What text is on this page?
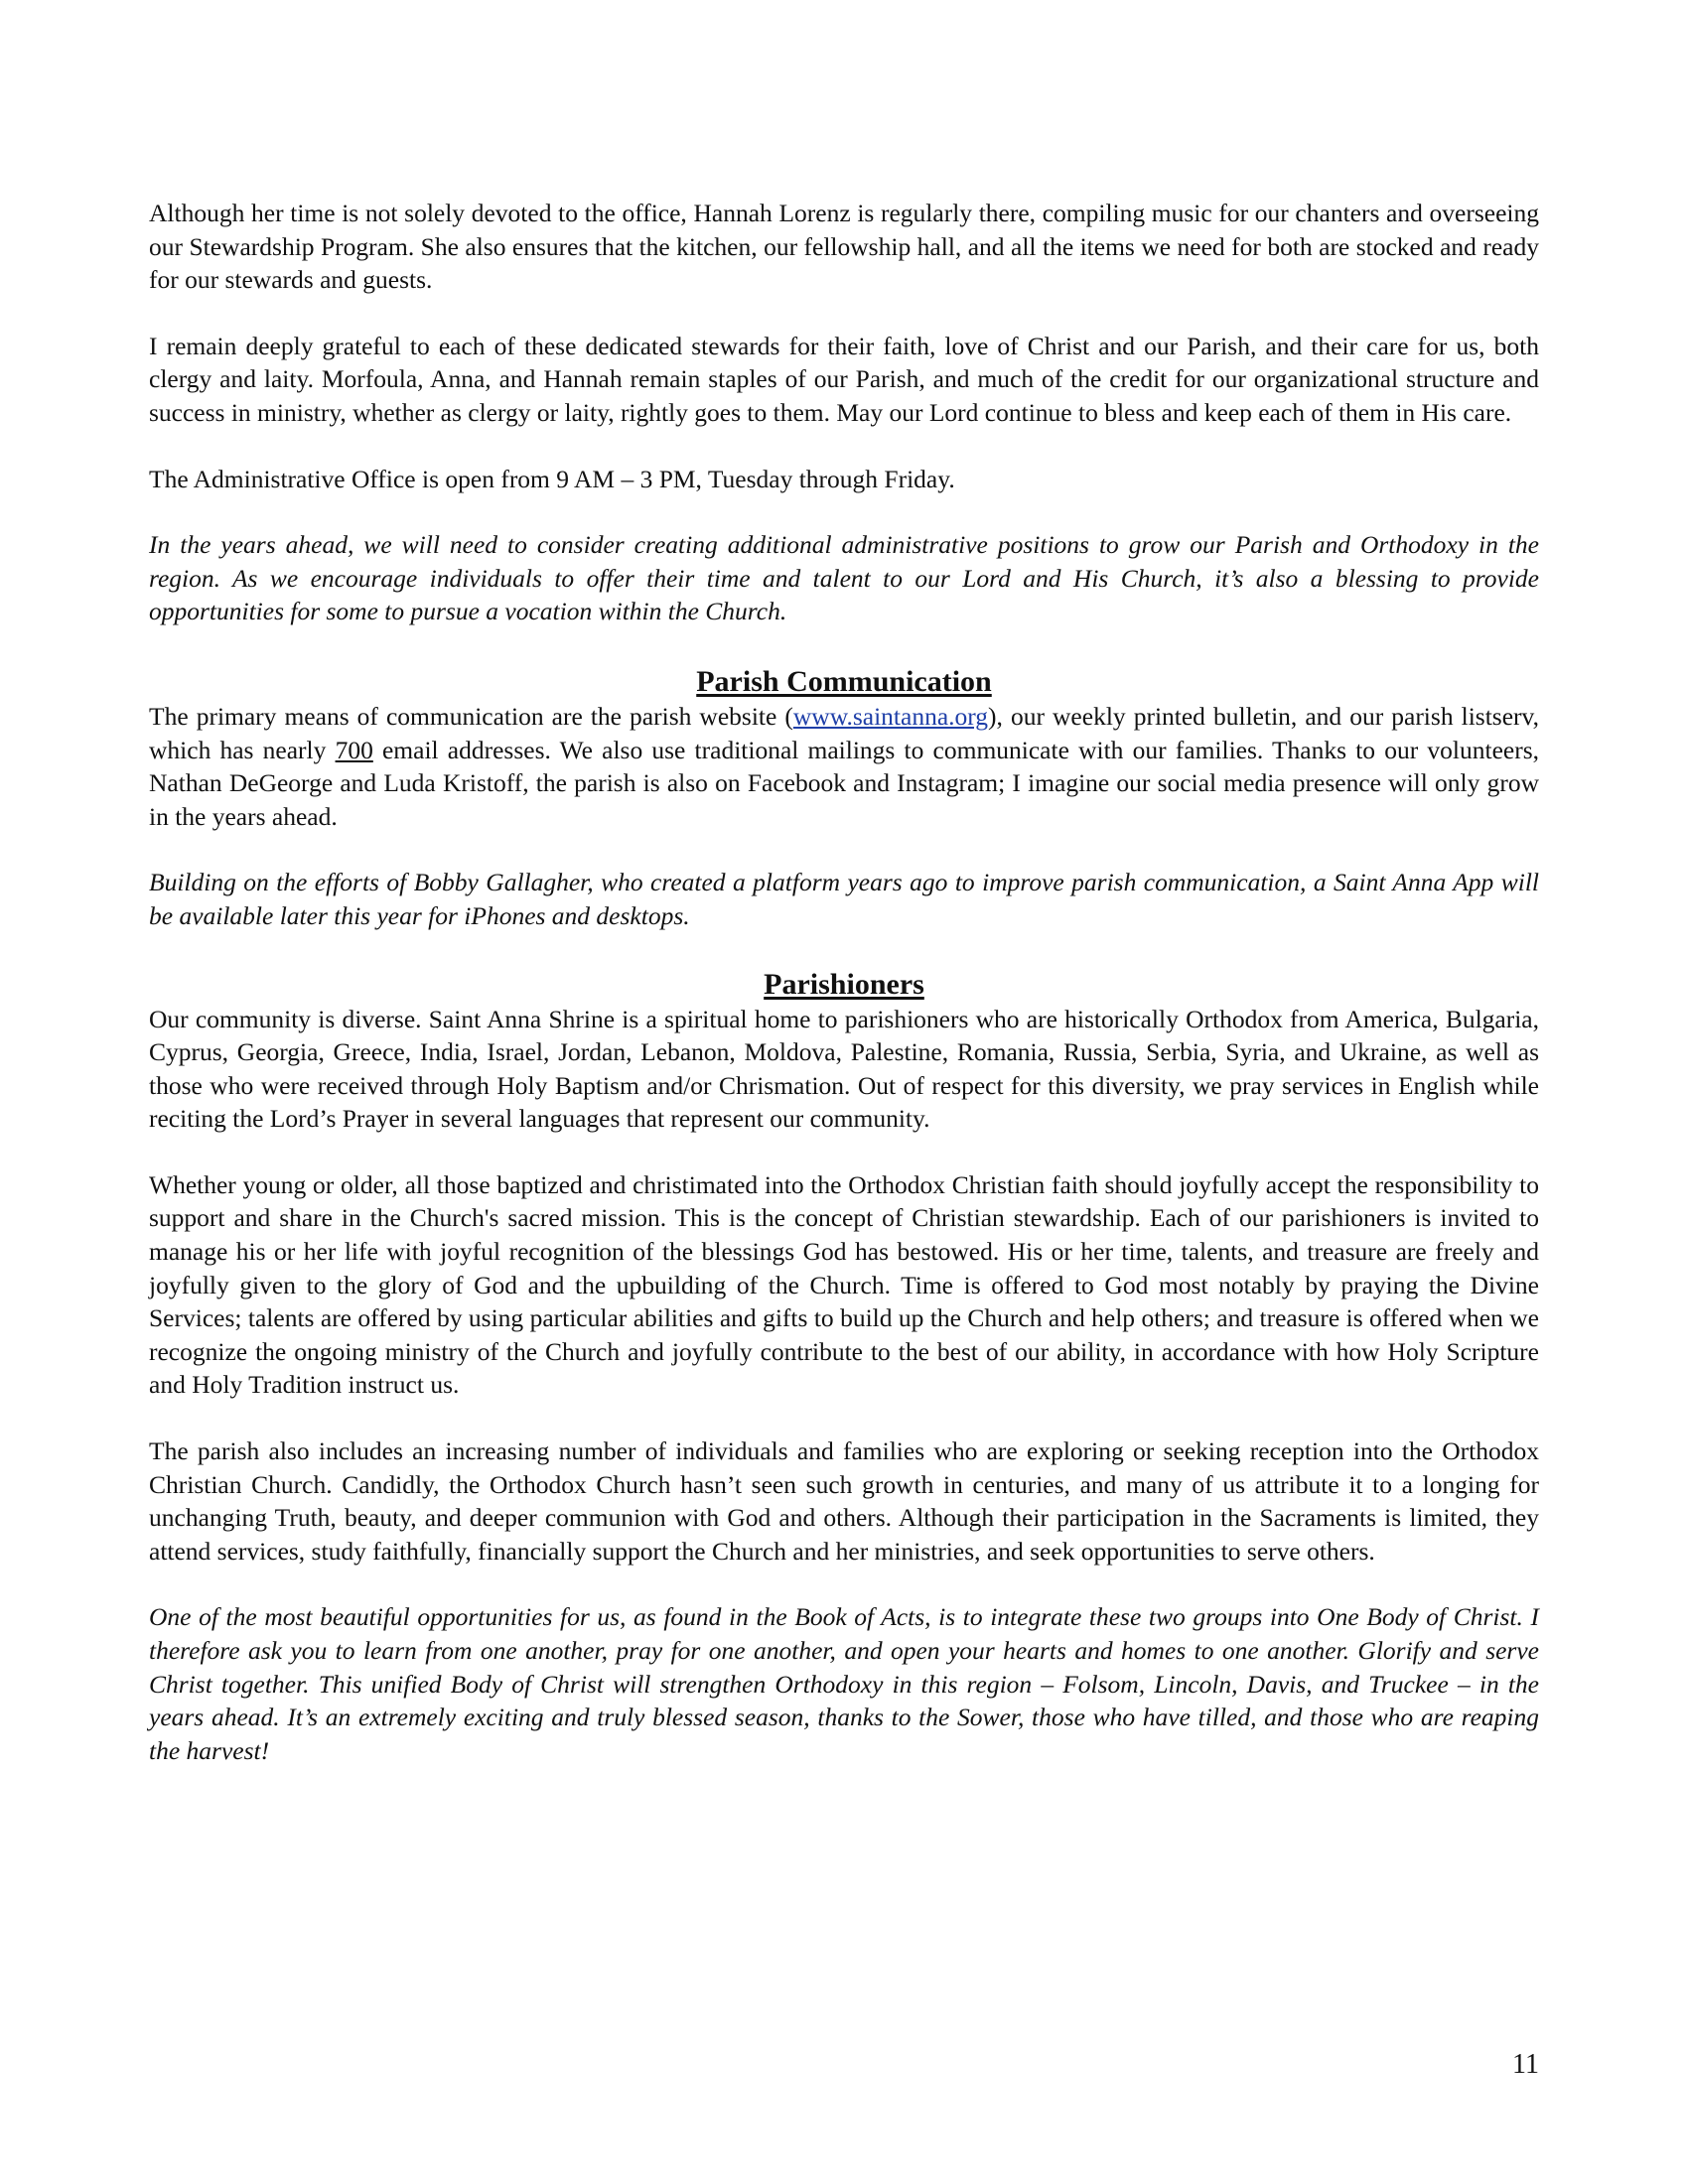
Although her time is not solely devoted to the office, Hannah Lorenz is regularly there, compiling music for our chanters and overseeing our Stewardship Program. She also ensures that the kitchen, our fellowship hall, and all the items we need for both are stocked and ready for our stewards and guests.

I remain deeply grateful to each of these dedicated stewards for their faith, love of Christ and our Parish, and their care for us, both clergy and laity. Morfoula, Anna, and Hannah remain staples of our Parish, and much of the credit for our organizational structure and success in ministry, whether as clergy or laity, rightly goes to them. May our Lord continue to bless and keep each of them in His care.

The Administrative Office is open from 9 AM – 3 PM, Tuesday through Friday.

In the years ahead, we will need to consider creating additional administrative positions to grow our Parish and Orthodoxy in the region. As we encourage individuals to offer their time and talent to our Lord and His Church, it’s also a blessing to provide opportunities for some to pursue a vocation within the Church.

Parish Communication

The primary means of communication are the parish website (www.saintanna.org), our weekly printed bulletin, and our parish listserv, which has nearly 700 email addresses. We also use traditional mailings to communicate with our families. Thanks to our volunteers, Nathan DeGeorge and Luda Kristoff, the parish is also on Facebook and Instagram; I imagine our social media presence will only grow in the years ahead.

Building on the efforts of Bobby Gallagher, who created a platform years ago to improve parish communication, a Saint Anna App will be available later this year for iPhones and desktops.

Parishioners

Our community is diverse. Saint Anna Shrine is a spiritual home to parishioners who are historically Orthodox from America, Bulgaria, Cyprus, Georgia, Greece, India, Israel, Jordan, Lebanon, Moldova, Palestine, Romania, Russia, Serbia, Syria, and Ukraine, as well as those who were received through Holy Baptism and/or Chrismation. Out of respect for this diversity, we pray services in English while reciting the Lord’s Prayer in several languages that represent our community.

Whether young or older, all those baptized and christimated into the Orthodox Christian faith should joyfully accept the responsibility to support and share in the Church's sacred mission. This is the concept of Christian stewardship. Each of our parishioners is invited to manage his or her life with joyful recognition of the blessings God has bestowed. His or her time, talents, and treasure are freely and joyfully given to the glory of God and the upbuilding of the Church. Time is offered to God most notably by praying the Divine Services; talents are offered by using particular abilities and gifts to build up the Church and help others; and treasure is offered when we recognize the ongoing ministry of the Church and joyfully contribute to the best of our ability, in accordance with how Holy Scripture and Holy Tradition instruct us.

The parish also includes an increasing number of individuals and families who are exploring or seeking reception into the Orthodox Christian Church. Candidly, the Orthodox Church hasn’t seen such growth in centuries, and many of us attribute it to a longing for unchanging Truth, beauty, and deeper communion with God and others. Although their participation in the Sacraments is limited, they attend services, study faithfully, financially support the Church and her ministries, and seek opportunities to serve others.

One of the most beautiful opportunities for us, as found in the Book of Acts, is to integrate these two groups into One Body of Christ. I therefore ask you to learn from one another, pray for one another, and open your hearts and homes to one another. Glorify and serve Christ together. This unified Body of Christ will strengthen Orthodoxy in this region – Folsom, Lincoln, Davis, and Truckee – in the years ahead. It’s an extremely exciting and truly blessed season, thanks to the Sower, those who have tilled, and those who are reaping the harvest!

11
